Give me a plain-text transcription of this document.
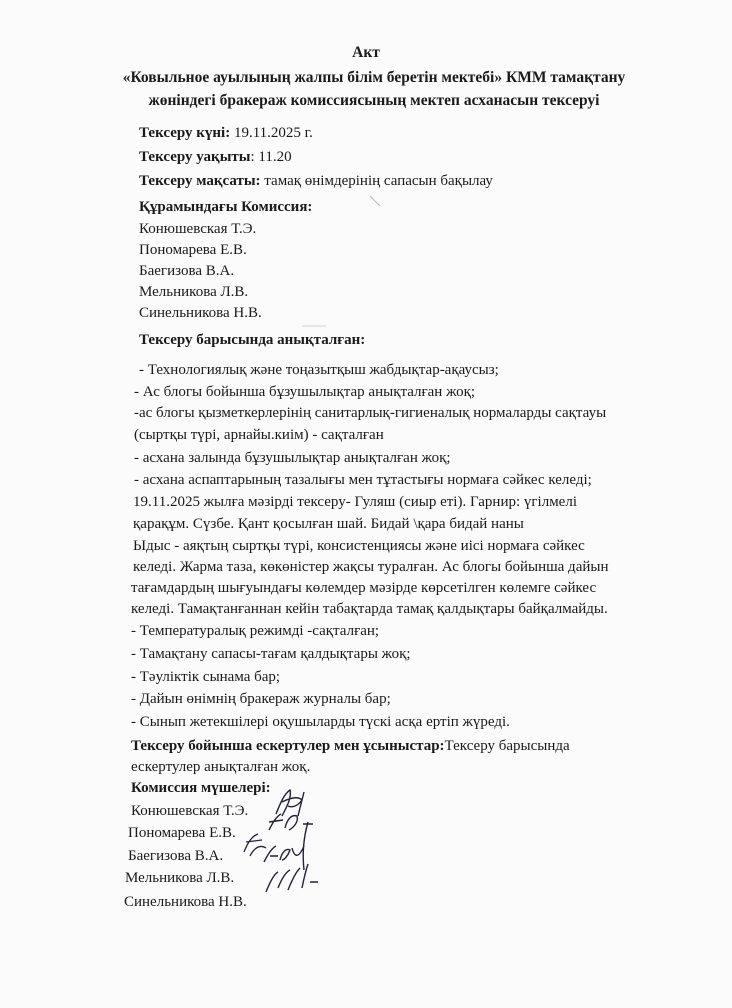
Акт
«Ковыльное ауылының жалпы білім беретін мектебі» КММ тамақтану
жөніндегі бракераж комиссиясының мектеп асханасын тексеруі
Тексеру күні: 19.11.2025 г.
Тексеру уақыты: 11.20
Тексеру мақсаты: тамақ өнімдерінің сапасын бақылау
Құрамындағы Комиссия:
Конюшевская Т.Э.
Пономарева Е.В.
Баегизова В.А.
Мельникова Л.В.
Синельникова Н.В.
Тексеру барысында анықталған:
- Технологиялық және тоңазытқыш жабдықтар-ақаусыз;
- Ас блогы бойынша бұзушылықтар анықталған жоқ;
-ас блогы қызметкерлерінің санитарлық-гигиеналық нормаларды сақтауы
(сыртқы түрі, арнайы.киім) - сақталған
- асхана залында бұзушылықтар анықталған жоқ;
- асхана аспаптарының тазалығы мен тұтастығы нормаға сәйкес келеді;
19.11.2025 жылға мәзірді тексеру- Гуляш (сиыр еті). Гарнир: үгілмелі
қарақұм. Сүзбе. Қант қосылған шай. Бидай \қара бидай наны
Ыдыс - аяқтың сыртқы түрі, консистенциясы және иісі нормаға сәйкес
келеді. Жарма таза, көкөністер жақсы туралған. Ас блогы бойынша дайын
тағамдардың шығуындағы көлемдер мәзірде көрсетілген көлемге сәйкес
келеді. Тамақтанғаннан кейін табақтарда тамақ қалдықтары байқалмайды.
- Температуралық режимді -сақталған;
- Тамақтану сапасы-тағам қалдықтары жоқ;
- Тәуліктік сынама бар;
- Дайын өнімнің бракераж журналы бар;
- Сынып жетекшілері оқушыларды түскі асқа ертіп жүреді.
Тексеру бойынша ескертулер мен ұсыныстар:Тексеру барысында
ескертулер анықталған жоқ.
Комиссия мүшелері:
Конюшевская Т.Э.
Пономарева Е.В.
Баегизова В.А.
Мельникова Л.В.
Синельникова Н.В.
